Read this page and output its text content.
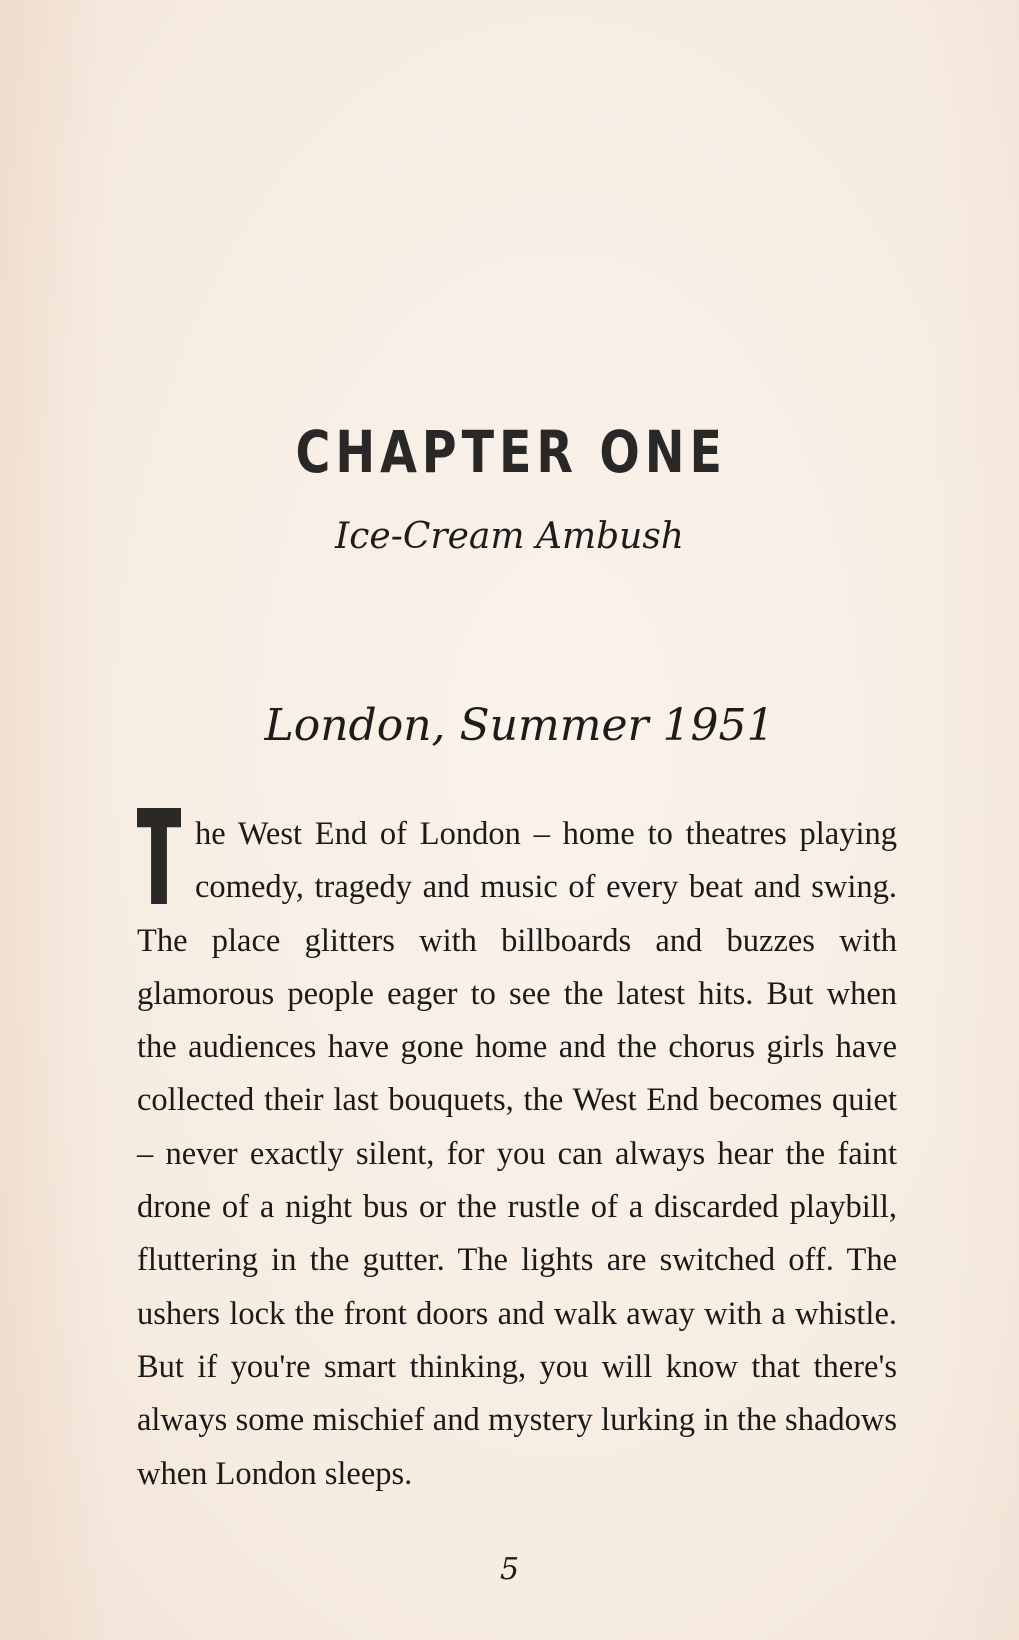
CHAPTER ONE
Ice-Cream Ambush
London, Summer 1951
he West End of London – home to theatres playing comedy, tragedy and music of every beat and swing. The place glitters with billboards and buzzes with glamorous people eager to see the latest hits. But when the audiences have gone home and the chorus girls have collected their last bouquets, the West End becomes quiet – never exactly silent, for you can always hear the faint drone of a night bus or the rustle of a discarded playbill, fluttering in the gutter. The lights are switched off. The ushers lock the front doors and walk away with a whistle. But if you're smart thinking, you will know that there's always some mischief and mystery lurking in the shadows when London sleeps.
5
